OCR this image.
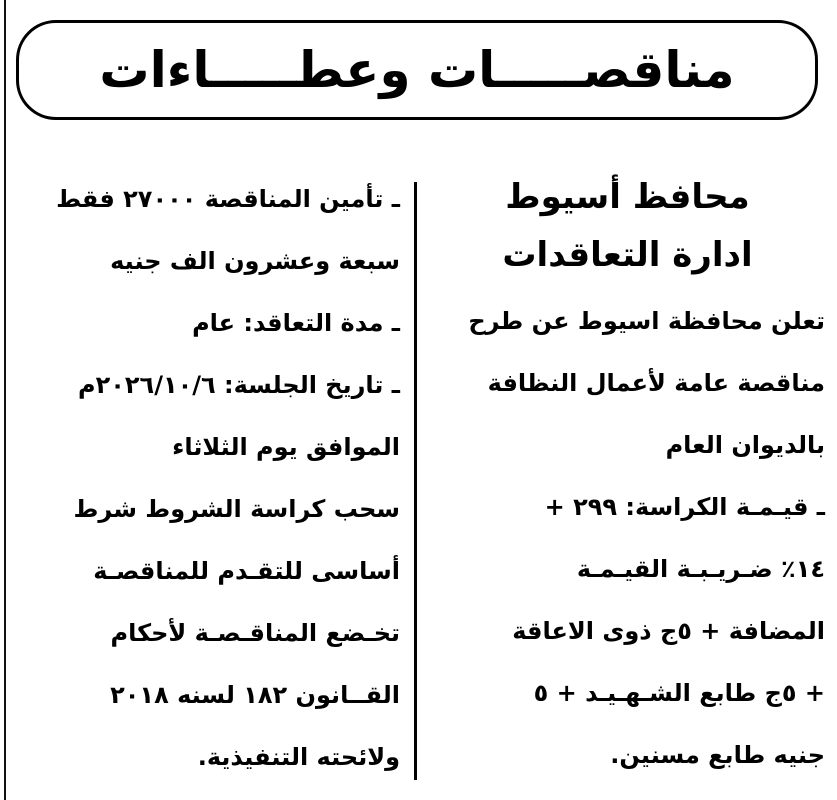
مناقصـــــات وعطـــــاءات
محافظ أسيوط
ادارة التعاقدات
تعلن محافظة اسيوط عن طرح
مناقصة عامة لأعمال النظافة
بالديوان العام
ـ قيـمـة الكراسة: ٢٩٩ +
١٤٪ ضـريـبـة القيـمـة
المضافة + ٥ج ذوى الاعاقة
+ ٥ج طابع الشـهـيـد + ٥
جنيه طابع مسنين.
ـ تأمين المناقصة ٢٧٠٠٠ فقط
سبعة وعشرون الف جنيه
ـ مدة التعاقد: عام
ـ تاريخ الجلسة: ٢٠٢٦/١٠/٦م
الموافق يوم الثلاثاء
سحب كراسة الشروط شرط
أساسى للتقـدم للمناقصـة
تخـضع المناقـصـة لأحكام
القــانون ١٨٢ لسنه ٢٠١٨
ولائحته التنفيذية.
